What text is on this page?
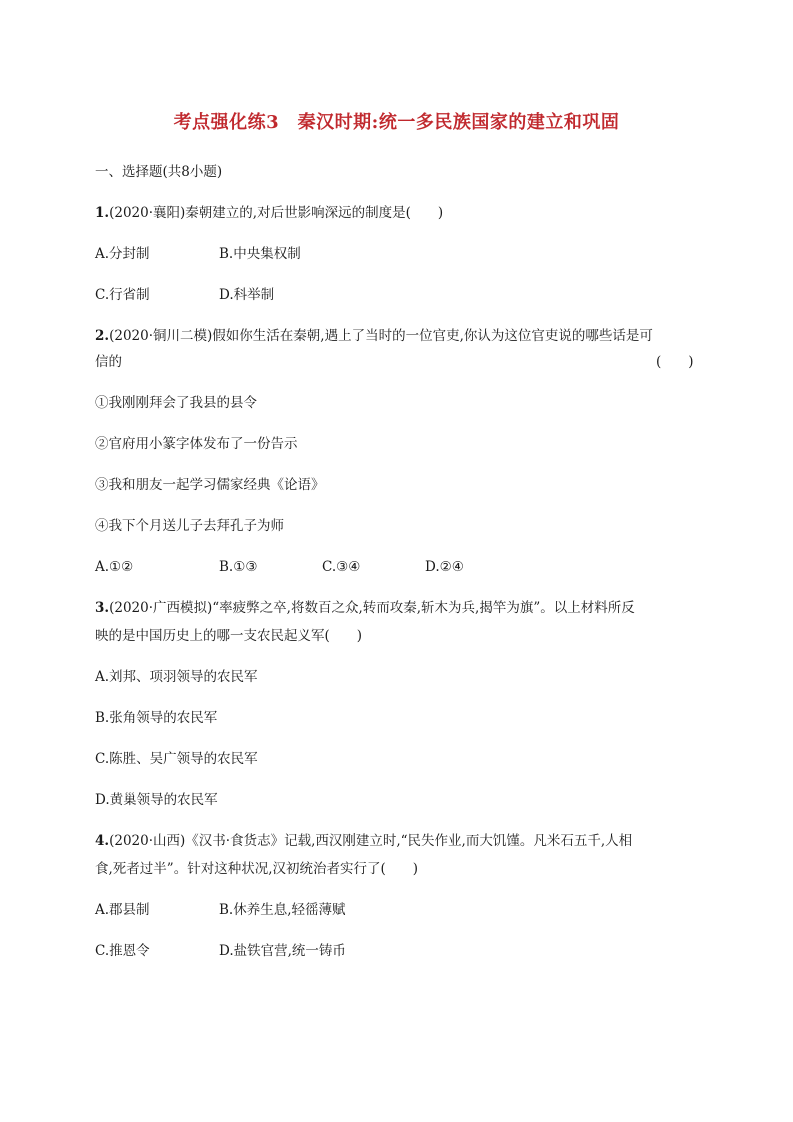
考点强化练3　秦汉时期:统一多民族国家的建立和巩固
一、选择题(共8小题)
1.(2020·襄阳)秦朝建立的,对后世影响深远的制度是(　　)
A.分封制	B.中央集权制
C.行省制	D.科举制
2.(2020·铜川二模)假如你生活在秦朝,遇上了当时的一位官吏,你认为这位官吏说的哪些话是可
信的	(　　)
①我刚刚拜会了我县的县令
②官府用小篆字体发布了一份告示
③我和朋友一起学习儒家经典《论语》
④我下个月送儿子去拜孔子为师
A.①②	B.①③	C.③④	D.②④
3.(2020·广西模拟)“率疲弊之卒,将数百之众,转而攻秦,斩木为兵,揭竿为旗”。以上材料所反
映的是中国历史上的哪一支农民起义军(　　)
A.刘邦、项羽领导的农民军
B.张角领导的农民军
C.陈胜、吴广领导的农民军
D.黄巢领导的农民军
4.(2020·山西)《汉书·食货志》记载,西汉刚建立时,“民失作业,而大饥馑。凡米石五千,人相
食,死者过半”。针对这种状况,汉初统治者实行了(　　)
A.郡县制	B.休养生息,轻徭薄赋
C.推恩令	D.盐铁官营,统一铸币
